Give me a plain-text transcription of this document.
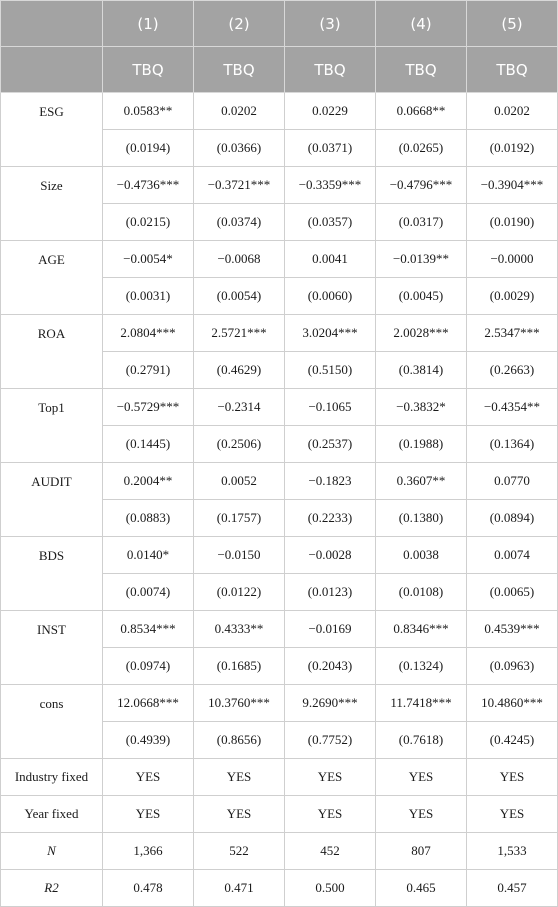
	(1)	(2)	(3)	(4)	(5)
	TBQ	TBQ	TBQ	TBQ	TBQ
ESG	0.0583**	0.0202	0.0229	0.0668**	0.0202
	(0.0194)	(0.0366)	(0.0371)	(0.0265)	(0.0192)
Size	−0.4736***	−0.3721***	−0.3359***	−0.4796***	−0.3904***
	(0.0215)	(0.0374)	(0.0357)	(0.0317)	(0.0190)
AGE	−0.0054*	−0.0068	0.0041	−0.0139**	−0.0000
	(0.0031)	(0.0054)	(0.0060)	(0.0045)	(0.0029)
ROA	2.0804***	2.5721***	3.0204***	2.0028***	2.5347***
	(0.2791)	(0.4629)	(0.5150)	(0.3814)	(0.2663)
Top1	−0.5729***	−0.2314	−0.1065	−0.3832*	−0.4354**
	(0.1445)	(0.2506)	(0.2537)	(0.1988)	(0.1364)
AUDIT	0.2004**	0.0052	−0.1823	0.3607**	0.0770
	(0.0883)	(0.1757)	(0.2233)	(0.1380)	(0.0894)
BDS	0.0140*	−0.0150	−0.0028	0.0038	0.0074
	(0.0074)	(0.0122)	(0.0123)	(0.0108)	(0.0065)
INST	0.8534***	0.4333**	−0.0169	0.8346***	0.4539***
	(0.0974)	(0.1685)	(0.2043)	(0.1324)	(0.0963)
cons	12.0668***	10.3760***	9.2690***	11.7418***	10.4860***
	(0.4939)	(0.8656)	(0.7752)	(0.7618)	(0.4245)
Industry fixed	YES	YES	YES	YES	YES
Year fixed	YES	YES	YES	YES	YES
N	1,366	522	452	807	1,533
R2	0.478	0.471	0.500	0.465	0.457
